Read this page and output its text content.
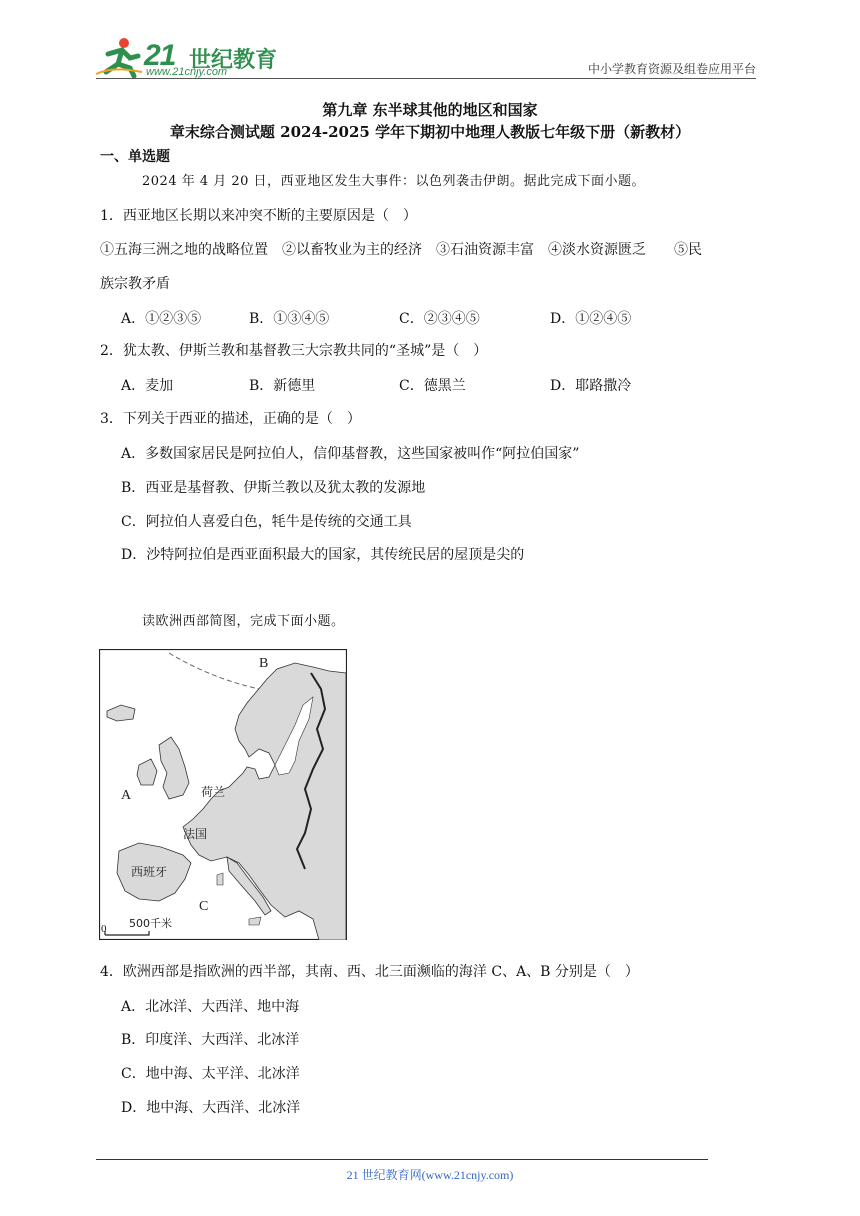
21 世纪教育
www.21cnjy.com	中小学教育资源及组卷应用平台
第九章 东半球其他的地区和国家
章末综合测试题 2024-2025 学年下期初中地理人教版七年级下册（新教材）
一、单选题
2024 年 4 月 20 日，西亚地区发生大事件：以色列袭击伊朗。据此完成下面小题。
1．西亚地区长期以来冲突不断的主要原因是（　）
①五海三洲之地的战略位置　②以畜牧业为主的经济　③石油资源丰富　④淡水资源匮乏　　⑤民
族宗教矛盾
A．①②③⑤	B．①③④⑤	C．②③④⑤	D．①②④⑤
2．犹太教、伊斯兰教和基督教三大宗教共同的“圣城”是（　）
A．麦加	B．新德里	C．德黑兰	D．耶路撒冷
3．下列关于西亚的描述，正确的是（　）
A．多数国家居民是阿拉伯人，信仰基督教，这些国家被叫作“阿拉伯国家”
B．西亚是基督教、伊斯兰教以及犹太教的发源地
C．阿拉伯人喜爱白色，牦牛是传统的交通工具
D．沙特阿拉伯是西亚面积最大的国家，其传统民居的屋顶是尖的
读欧洲西部简图，完成下面小题。
0 500千米
B
A
C
荷兰
法国
西班牙
4．欧洲西部是指欧洲的西半部，其南、西、北三面濒临的海洋 C、A、B 分别是（　）
A．北冰洋、大西洋、地中海
B．印度洋、大西洋、北冰洋
C．地中海、太平洋、北冰洋
D．地中海、大西洋、北冰洋
21 世纪教育网(www.21cnjy.com)
